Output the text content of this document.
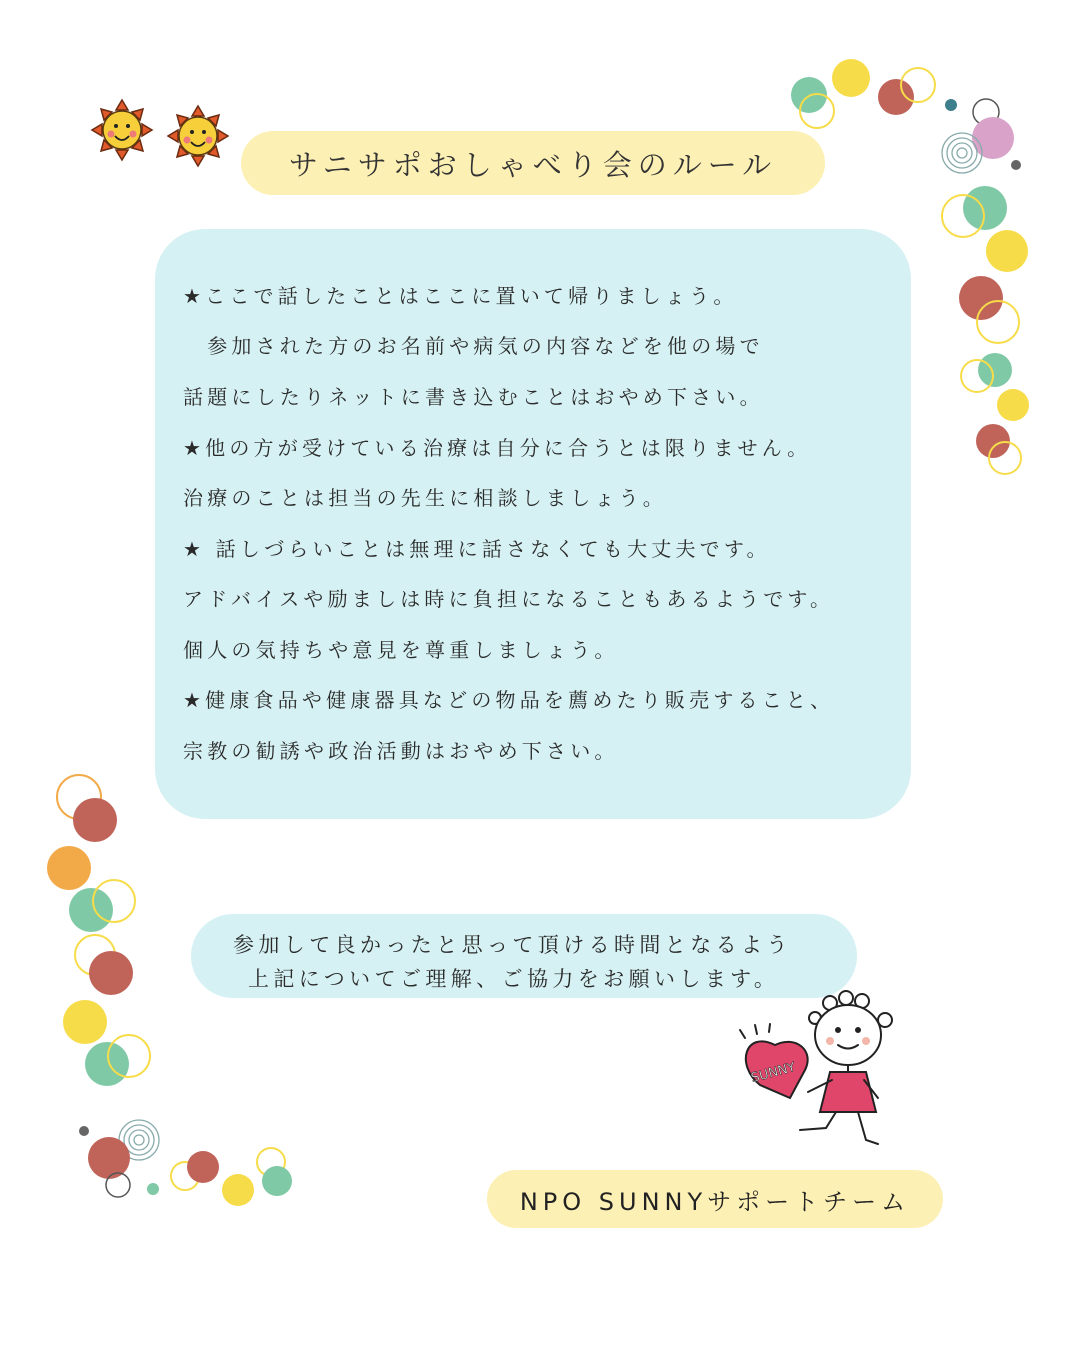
サニサポおしゃべり会のルール
★ここで話したことはここに置いて帰りましょう。
　参加された方のお名前や病気の内容などを他の場で
話題にしたりネットに書き込むことはおやめ下さい。
★他の方が受けている治療は自分に合うとは限りません。
治療のことは担当の先生に相談しましょう。
★ 話しづらいことは無理に話さなくても大丈夫です。
アドバイスや励ましは時に負担になることもあるようです。
個人の気持ちや意見を尊重しましょう。
★健康食品や健康器具などの物品を薦めたり販売すること、
宗教の勧誘や政治活動はおやめ下さい。
参加して良かったと思って頂ける時間となるよう
上記についてご理解、ご協力をお願いします。
SUNNY
NPO SUNNYサポートチーム
